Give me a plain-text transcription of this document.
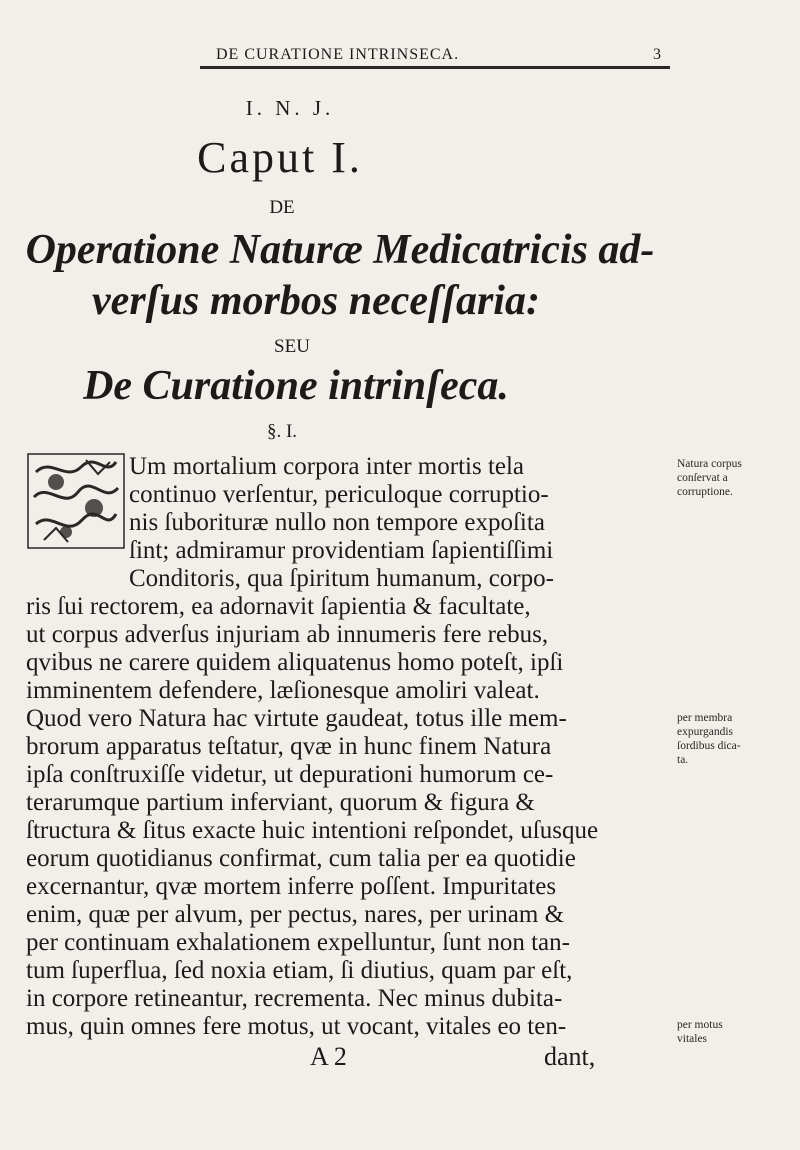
DE CURATIONE INTRINSECA.	3
I. N. J.
Caput I.
DE
Operatione Naturæ Medicatricis ad-
verſus morbos neceſſaria:
SEU
De Curatione intrinſeca.
§. I.
Um mortalium corpora inter mortis tela
continuo verſentur, periculoque corruptio-
nis ſuborituræ nullo non tempore expoſita
ſint; admiramur providentiam ſapientiſſimi
Conditoris, qua ſpiritum humanum, corpo-
ris ſui rectorem, ea adornavit ſapientia & facultate,
ut corpus adverſus injuriam ab innumeris fere rebus,
qvibus ne carere quidem aliquatenus homo poteſt, ipſi
imminentem defendere, læſionesque amoliri valeat.
Quod vero Natura hac virtute gaudeat, totus ille mem-
brorum apparatus teſtatur, qvæ in hunc finem Natura
ipſa conſtruxiſſe videtur, ut depurationi humorum ce-
terarumque partium inferviant, quorum & figura &
ſtructura & ſitus exacte huic intentioni reſpondet, uſusque
eorum quotidianus confirmat, cum talia per ea quotidie
excernantur, qvæ mortem inferre poſſent. Impuritates
enim, quæ per alvum, per pectus, nares, per urinam &
per continuam exhalationem expelluntur, ſunt non tan-
tum ſuperflua, ſed noxia etiam, ſi diutius, quam par eſt,
in corpore retineantur, recrementa. Nec minus dubita-
mus, quin omnes fere motus, ut vocant, vitales eo ten-
Natura corpus
conſervat a
corruptione.
per membra
expurgandis
ſordibus dica-
ta.
per motus
vitales
A 2	dant,
